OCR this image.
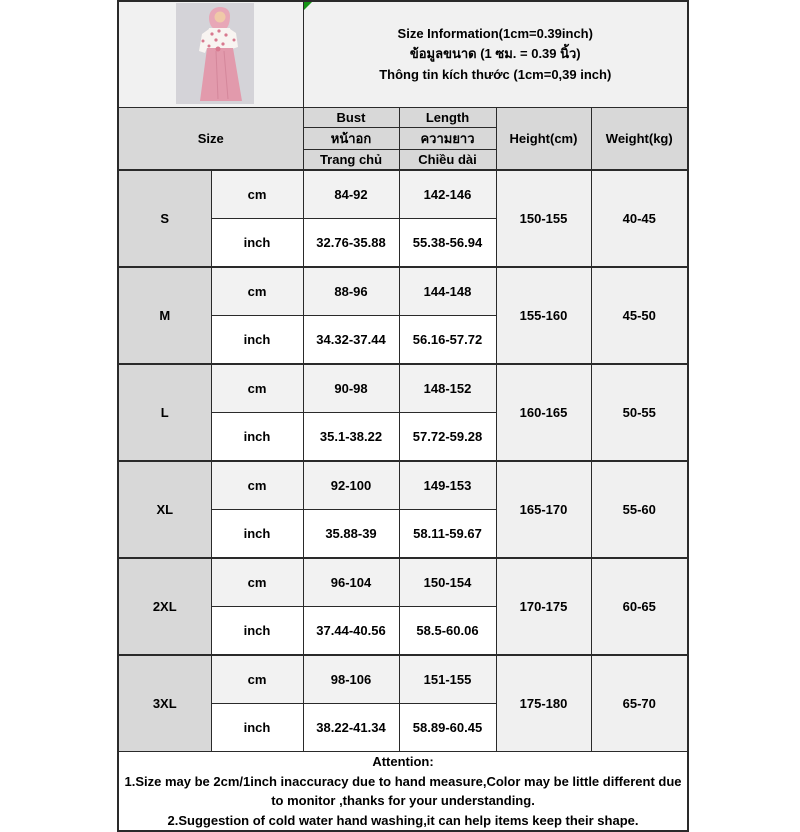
Size Information(1cm=0.39inch)
ข้อมูลขนาด (1 ซม. = 0.39 นิ้ว)
Thông tin kích thước (1cm=0,39 inch)			

Size		Bust	Length	Height(cm)	Weight(kg)
		หน้าอก	ความยาว		
		Trang chủ	Chiều dài		
S	cm	84-92	142-146	150-155	40-45
	inch	32.76-35.88	55.38-56.94		
M	cm	88-96	144-148	155-160	45-50
	inch	34.32-37.44	56.16-57.72		
L	cm	90-98	148-152	160-165	50-55
	inch	35.1-38.22	57.72-59.28		
XL	cm	92-100	149-153	165-170	55-60
	inch	35.88-39	58.11-59.67		
2XL	cm	96-104	150-154	170-175	60-65
	inch	37.44-40.56	58.5-60.06		
3XL	cm	98-106	151-155	175-180	65-70
	inch	38.22-41.34	58.89-60.45		

Attention:
1.Size may be 2cm/1inch inaccuracy due to hand measure,Color may be little different due to monitor ,thanks for your understanding.
2.Suggestion of cold water hand washing,it can help items keep their shape.					
